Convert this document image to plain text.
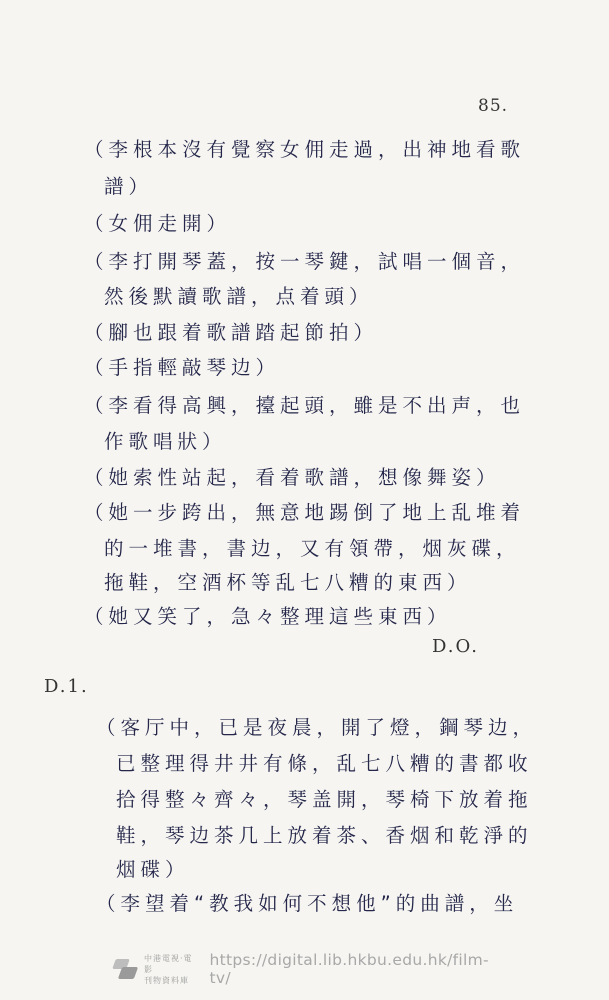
85.
（李根本沒有覺察女佣走過，出神地看歌
譜）
（女佣走開）
（李打開琴蓋，按一琴鍵，試唱一個音，
然後默讀歌譜，点着頭）
（腳也跟着歌譜踏起節拍）
（手指輕敲琴边）
（李看得高興，擡起頭，雖是不出声，也
作歌唱狀）
（她索性站起，看着歌譜，想像舞姿）
（她一步跨出，無意地踢倒了地上乱堆着
的一堆書，書边，又有領帶，烟灰碟，
拖鞋，空酒杯等乱七八糟的東西）
（她又笑了，急々整理這些東西）
D.O.
D.1.
（客厅中，已是夜晨，開了燈，鋼琴边，
已整理得井井有條，乱七八糟的書都收
拾得整々齊々，琴盖開，琴椅下放着拖
鞋，琴边茶几上放着茶、香烟和乾淨的
烟碟）
（李望着“教我如何不想他”的曲譜，坐
中港電視‧電影
刊物資料庫
https://digital.lib.hkbu.edu.hk/film-tv/
